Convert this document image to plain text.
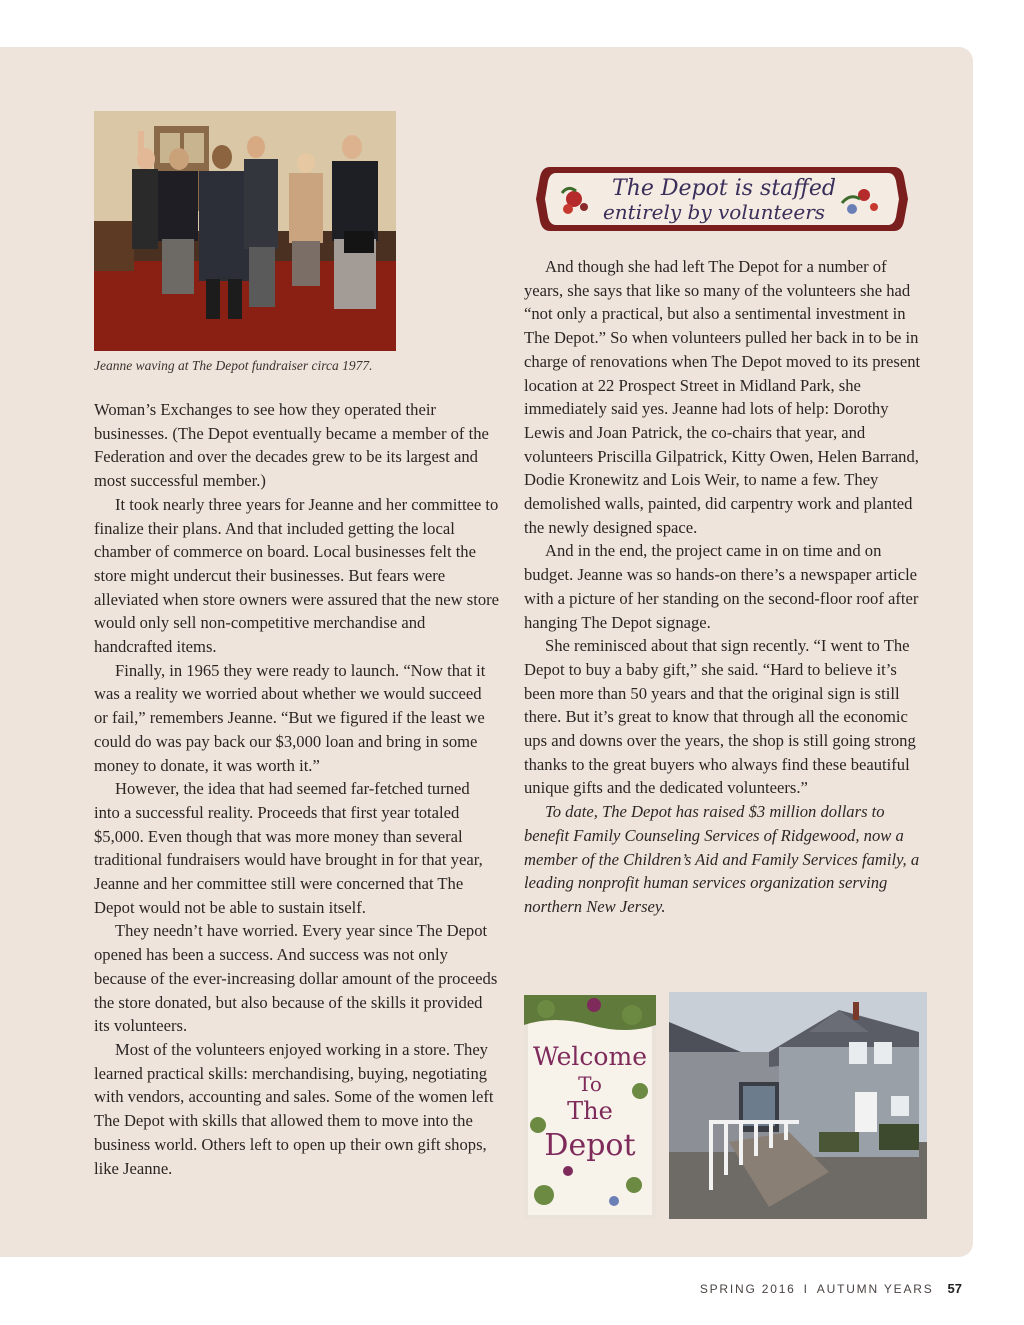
Jeanne waving at The Depot fundraiser circa 1977.
The Depot is staffed
entirely by volunteers

Woman’s Exchanges to see how they operated their businesses. (The Depot eventually became a member of the Federation and over the decades grew to be its largest and most successful member.)

It took nearly three years for Jeanne and her committee to finalize their plans. And that included getting the local chamber of commerce on board. Local businesses felt the store might undercut their businesses. But fears were alleviated when store owners were assured that the new store would only sell non-competitive merchandise and handcrafted items.

Finally, in 1965 they were ready to launch. “Now that it was a reality we worried about whether we would succeed or fail,” remembers Jeanne. “But we figured if the least we could do was pay back our $3,000 loan and bring in some money to donate, it was worth it.”

However, the idea that had seemed far-fetched turned into a successful reality. Proceeds that first year totaled $5,000. Even though that was more money than several traditional fundraisers would have brought in for that year, Jeanne and her committee still were concerned that The Depot would not be able to sustain itself.

They needn’t have worried. Every year since The Depot opened has been a success. And success was not only because of the ever-increasing dollar amount of the proceeds the store donated, but also because of the skills it provided its volunteers.

Most of the volunteers enjoyed working in a store. They learned practical skills: merchandising, buying, negotiating with vendors, accounting and sales. Some of the women left The Depot with skills that allowed them to move into the business world. Others left to open up their own gift shops, like Jeanne.

And though she had left The Depot for a number of years, she says that like so many of the volunteers she had “not only a practical, but also a sentimental investment in The Depot.” So when volunteers pulled her back in to be in charge of renovations when The Depot moved to its present location at 22 Prospect Street in Midland Park, she immediately said yes. Jeanne had lots of help: Dorothy Lewis and Joan Patrick, the co-chairs that year, and volunteers Priscilla Gilpatrick, Kitty Owen, Helen Barrand, Dodie Kronewitz and Lois Weir, to name a few. They demolished walls, painted, did carpentry work and planted the newly designed space.

And in the end, the project came in on time and on budget. Jeanne was so hands-on there’s a newspaper article with a picture of her standing on the second-floor roof after hanging The Depot signage.

She reminisced about that sign recently. “I went to The Depot to buy a baby gift,” she said. “Hard to believe it’s been more than 50 years and that the original sign is still there. But it’s great to know that through all the economic ups and downs over the years, the shop is still going strong thanks to the great buyers who always find these beautiful unique gifts and the dedicated volunteers.”

To date, The Depot has raised $3 million dollars to benefit Family Counseling Services of Ridgewood, now a member of the Children’s Aid and Family Services family, a leading nonprofit human services organization serving northern New Jersey.

Welcome
To
The
Depot
SPRING 2016 I AUTUMN YEARS 57
